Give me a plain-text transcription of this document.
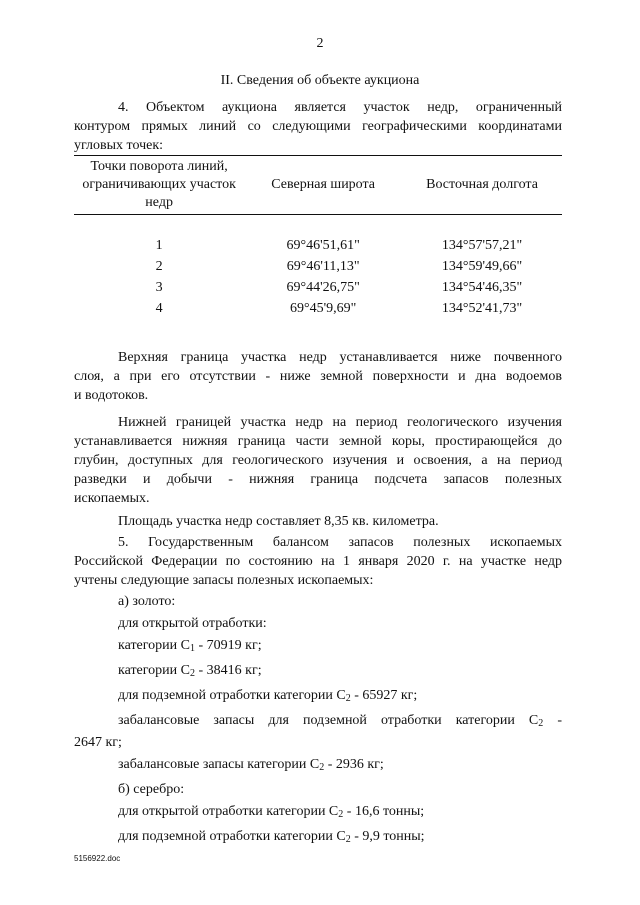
2
II. Сведения об объекте аукциона

4. Объектом аукциона является участок недр, ограниченный

контуром прямых линий со следующими географическими координатами

угловых точек:

Точки поворота линий, ограничивающих участок недр	Северная широта	Восточная долгота

1	69°46'51,61"	134°57'57,21"
2	69°46'11,13"	134°59'49,66"
3	69°44'26,75"	134°54'46,35"
4	69°45'9,69"	134°52'41,73"

Верхняя граница участка недр устанавливается ниже почвенного

слоя, а при его отсутствии - ниже земной поверхности и дна водоемов

и водотоков.

Нижней границей участка недр на период геологического изучения

устанавливается нижняя граница части земной коры, простирающейся до

глубин, доступных для геологического изучения и освоения, а на период

разведки и добычи - нижняя граница подсчета запасов полезных

ископаемых.

Площадь участка недр составляет 8,35 кв. километра.

5. Государственным балансом запасов полезных ископаемых

Российской Федерации по состоянию на 1 января 2020 г. на участке недр

учтены следующие запасы полезных ископаемых:

а) золото:

для открытой отработки:

категории $C_1 - 70919$ кг;

категории $C_2 - 38416$ кг;

для подземной отработки категории $C_2 - 65927$ кг;

забалансовые запасы для подземной отработки категории $C_2$ -

2647 кг;

забалансовые запасы категории $C_2 - 2936$ кг;

б) серебро:

для открытой отработки категории $C_2 - 16,6$ тонны;

для подземной отработки категории $C_2 - 9,9$ тонны;

5156922.doc
